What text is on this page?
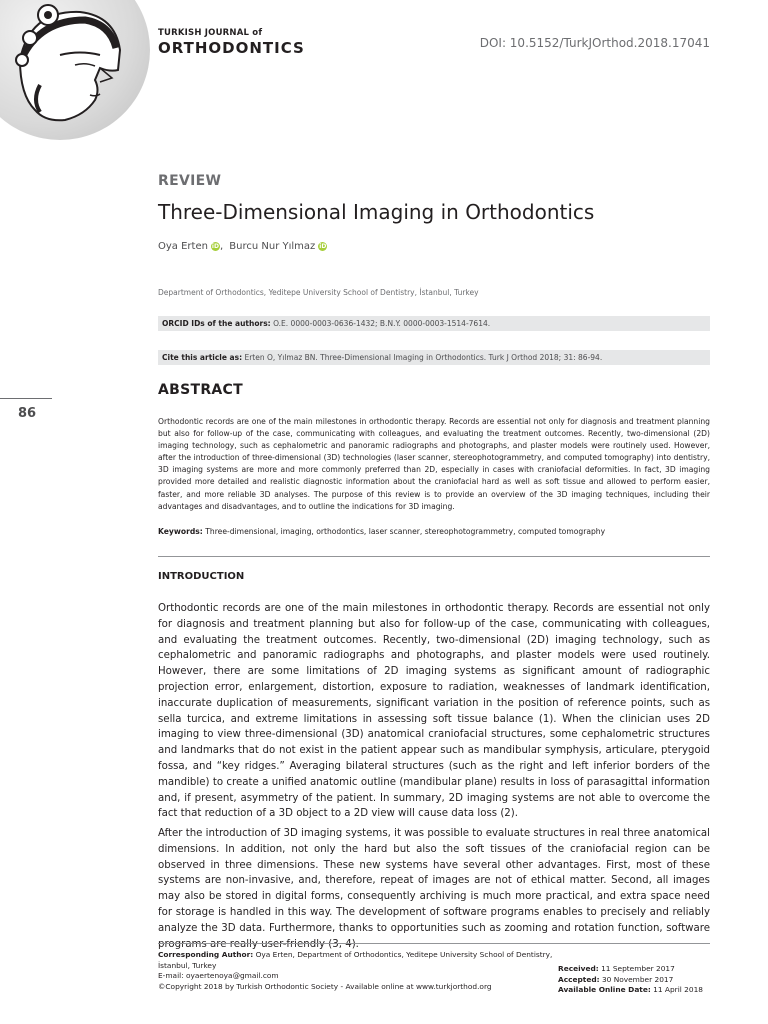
TURKISH JOURNAL of
ORTHODONTICS	DOI: 10.5152/TurkJOrthod.2018.17041
REVIEW
Three-Dimensional Imaging in Orthodontics
Oya Erten iD , Burcu Nur Yılmaz iD
Department of Orthodontics, Yeditepe University School of Dentistry, İstanbul, Turkey
ORCID IDs of the authors: O.E. 0000-0003-0636-1432; B.N.Y. 0000-0003-1514-7614.
Cite this article as: Erten O, Yılmaz BN. Three-Dimensional Imaging in Orthodontics. Turk J Orthod 2018; 31: 86-94.
86
ABSTRACT
Orthodontic records are one of the main milestones in orthodontic therapy. Records are essential not only for diagnosis and treatment planning but also for follow-up of the case, communicating with colleagues, and evaluating the treatment outcomes. Recently, two-dimensional (2D) imaging technology, such as cephalometric and panoramic radiographs and photographs, and plaster models were routinely used. However, after the introduction of three-dimensional (3D) technologies (laser scanner, stereophotogrammetry, and computed tomography) into dentistry, 3D imaging systems are more and more commonly preferred than 2D, especially in cases with craniofacial deformities. In fact, 3D imaging provided more detailed and realistic diagnostic information about the craniofacial hard as well as soft tissue and allowed to perform easier, faster, and more reliable 3D analyses. The purpose of this review is to provide an overview of the 3D imaging techniques, including their advantages and disadvantages, and to outline the indications for 3D imaging.
Keywords: Three-dimensional, imaging, orthodontics, laser scanner, stereophotogrammetry, computed tomography
INTRODUCTION
Orthodontic records are one of the main milestones in orthodontic therapy. Records are essential not only for diagnosis and treatment planning but also for follow-up of the case, communicating with colleagues, and evaluating the treatment outcomes. Recently, two-dimensional (2D) imaging technology, such as cephalometric and panoramic radiographs and photographs, and plaster models were used routinely. However, there are some limitations of 2D imaging systems as significant amount of radiographic projection error, enlargement, distortion, exposure to radiation, weaknesses of landmark identification, inaccurate duplication of measurements, significant variation in the position of reference points, such as sella turcica, and extreme limitations in assessing soft tissue balance (1). When the clinician uses 2D imaging to view three-dimensional (3D) anatomical craniofacial structures, some cephalometric structures and landmarks that do not exist in the patient appear such as mandibular symphysis, articulare, pterygoid fossa, and “key ridges.” Averaging bilateral structures (such as the right and left inferior borders of the mandible) to create a unified anatomic outline (mandibular plane) results in loss of parasagittal information and, if present, asymmetry of the patient. In summary, 2D imaging systems are not able to overcome the fact that reduction of a 3D object to a 2D view will cause data loss (2).
After the introduction of 3D imaging systems, it was possible to evaluate structures in real three anatomical dimensions. In addition, not only the hard but also the soft tissues of the craniofacial region can be observed in three dimensions. These new systems have several other advantages. First, most of these systems are non-invasive, and, therefore, repeat of images are not of ethical matter. Second, all images may also be stored in digital forms, consequently archiving is much more practical, and extra space need for storage is handled in this way. The development of software programs enables to precisely and reliably analyze the 3D data. Furthermore, thanks to opportunities such as zooming and rotation function, software programs are really user-friendly (3, 4).
Corresponding Author: Oya Erten, Department of Orthodontics, Yeditepe University School of Dentistry, İstanbul, Turkey
E-mail: oyaertenoya@gmail.com
©Copyright 2018 by Turkish Orthodontic Society - Available online at www.turkjorthod.org
Received: 11 September 2017
Accepted: 30 November 2017
Available Online Date: 11 April 2018
